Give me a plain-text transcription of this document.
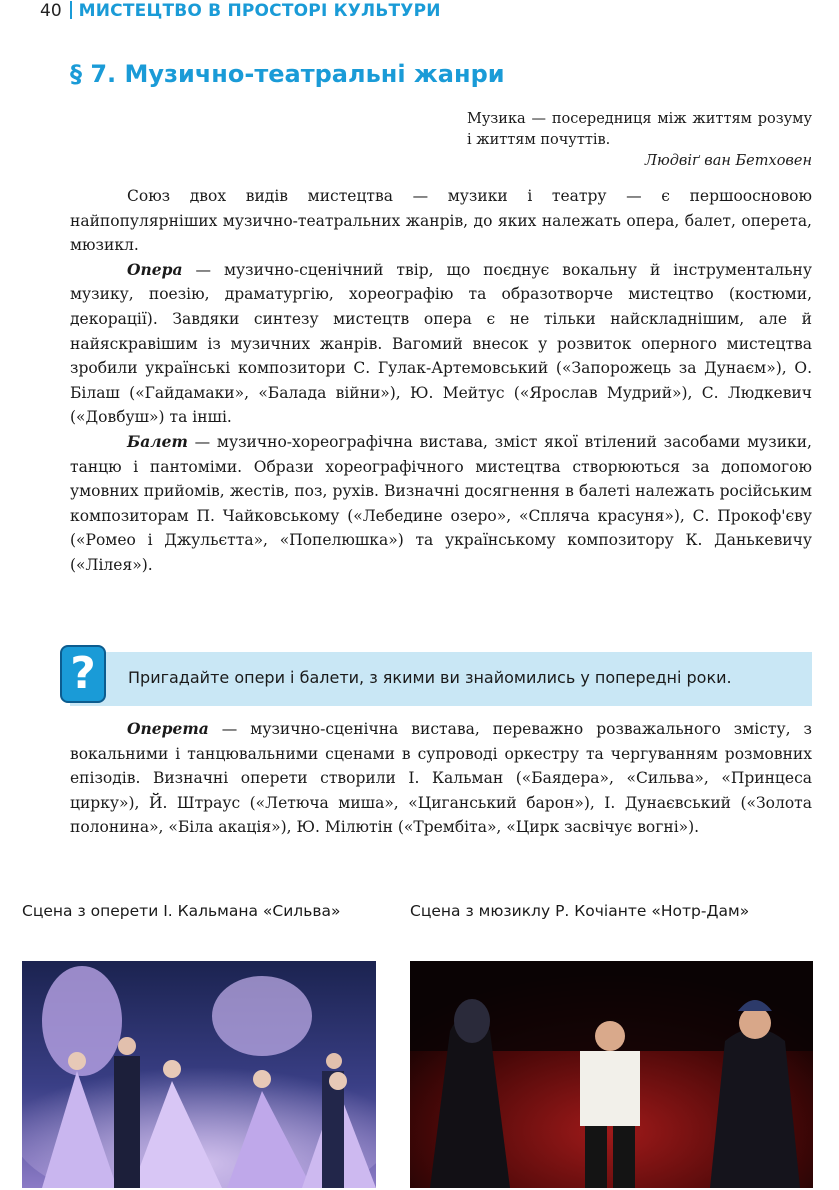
40 МИСТЕЦТВО В ПРОСТОРІ КУЛЬТУРИ
§ 7. Музично-театральні жанри
Музика — посередниця між життям розуму і життям почуттів.
Людвіґ ван Бетховен

Союз двох видів мистецтва — музики і театру — є першоосновою найпопулярніших музично-театральних жанрів, до яких належать опера, балет, оперета, мюзикл.

Опера — музично-сценічний твір, що поєднує вокальну й інструментальну музику, поезію, драматургію, хореографію та образотворче мистецтво (костюми, декорації). Завдяки синтезу мистецтв опера є не тільки найскладнішим, але й найяскравішим із музичних жанрів. Вагомий внесок у розвиток оперного мистецтва зробили українські композитори С. Гулак-Артемовський («Запорожець за Дунаєм»), О. Білаш («Гайдамаки», «Балада війни»), Ю. Мейтус («Ярослав Мудрий»), С. Людкевич («Довбуш») та інші.

Балет — музично-хореографічна вистава, зміст якої втілений засобами музики, танцю і пантоміми. Образи хореографічного мистецтва створюються за допомогою умовних прийомів, жестів, поз, рухів. Визначні досягнення в балеті належать російським композиторам П. Чайковському («Лебедине озеро», «Спляча красуня»), С. Прокоф'єву («Ромео і Джульєтта», «Попелюшка») та українському композитору К. Данькевичу («Лілея»).

?	Пригадайте опери і балети, з якими ви знайомились у попередні роки.

Оперета — музично-сценічна вистава, переважно розважального змісту, з вокальними і танцювальними сценами в супроводі оркестру та чергуванням розмовних епізодів. Визначні оперети створили І. Кальман («Баядера», «Сильва», «Принцеса цирку»), Й. Штраус («Летюча миша», «Циганський барон»), І. Дунаєвський («Золота полонина», «Біла акація»), Ю. Мілютін («Трембіта», «Цирк засвічує вогні»).

Сцена з оперети І. Кальмана «Сильва»	Сцена з мюзиклу Р. Кочіанте «Нотр-Дам»
